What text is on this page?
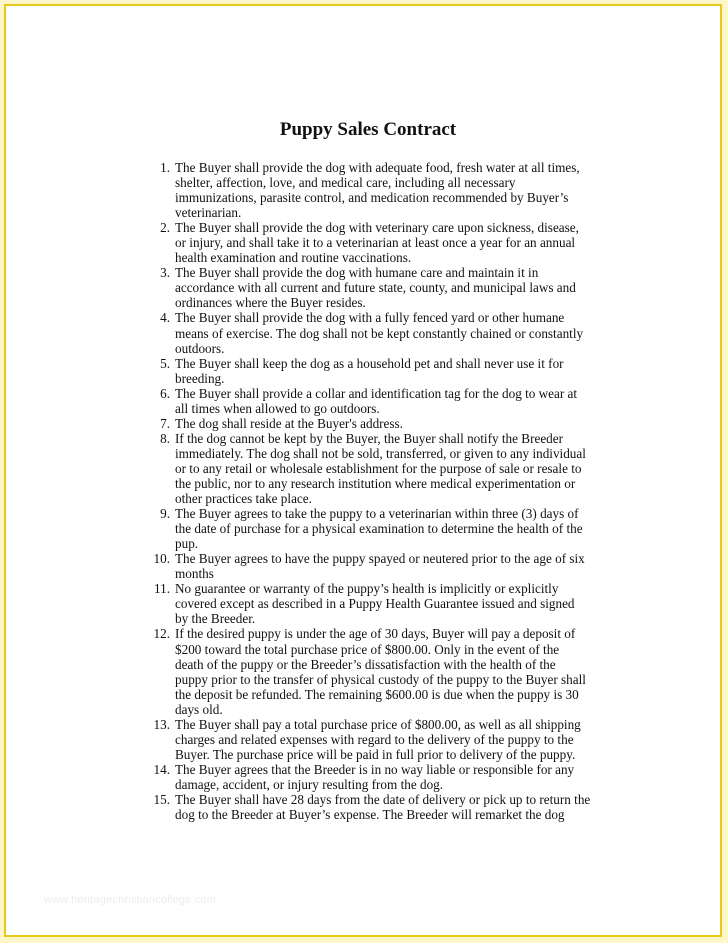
Puppy Sales Contract
1. The Buyer shall provide the dog with adequate food, fresh water at all times,
shelter, affection, love, and medical care, including all necessary
immunizations, parasite control, and medication recommended by Buyer’s
veterinarian.
2. The Buyer shall provide the dog with veterinary care upon sickness, disease,
or injury, and shall take it to a veterinarian at least once a year for an annual
health examination and routine vaccinations.
3. The Buyer shall provide the dog with humane care and maintain it in
accordance with all current and future state, county, and municipal laws and
ordinances where the Buyer resides.
4. The Buyer shall provide the dog with a fully fenced yard or other humane
means of exercise. The dog shall not be kept constantly chained or constantly
outdoors.
5. The Buyer shall keep the dog as a household pet and shall never use it for
breeding.
6. The Buyer shall provide a collar and identification tag for the dog to wear at
all times when allowed to go outdoors.
7. The dog shall reside at the Buyer's address.
8. If the dog cannot be kept by the Buyer, the Buyer shall notify the Breeder
immediately. The dog shall not be sold, transferred, or given to any individual
or to any retail or wholesale establishment for the purpose of sale or resale to
the public, nor to any research institution where medical experimentation or
other practices take place.
9. The Buyer agrees to take the puppy to a veterinarian within three (3) days of
the date of purchase for a physical examination to determine the health of the
pup.
10. The Buyer agrees to have the puppy spayed or neutered prior to the age of six
months
11. No guarantee or warranty of the puppy’s health is implicitly or explicitly
covered except as described in a Puppy Health Guarantee issued and signed
by the Breeder.
12. If the desired puppy is under the age of 30 days, Buyer will pay a deposit of
$200 toward the total purchase price of $800.00. Only in the event of the
death of the puppy or the Breeder’s dissatisfaction with the health of the
puppy prior to the transfer of physical custody of the puppy to the Buyer shall
the deposit be refunded. The remaining $600.00 is due when the puppy is 30
days old.
13. The Buyer shall pay a total purchase price of $800.00, as well as all shipping
charges and related expenses with regard to the delivery of the puppy to the
Buyer. The purchase price will be paid in full prior to delivery of the puppy.
14. The Buyer agrees that the Breeder is in no way liable or responsible for any
damage, accident, or injury resulting from the dog.
15. The Buyer shall have 28 days from the date of delivery or pick up to return the
dog to the Breeder at Buyer’s expense. The Breeder will remarket the dog
www.heritagechristiancollege.com
